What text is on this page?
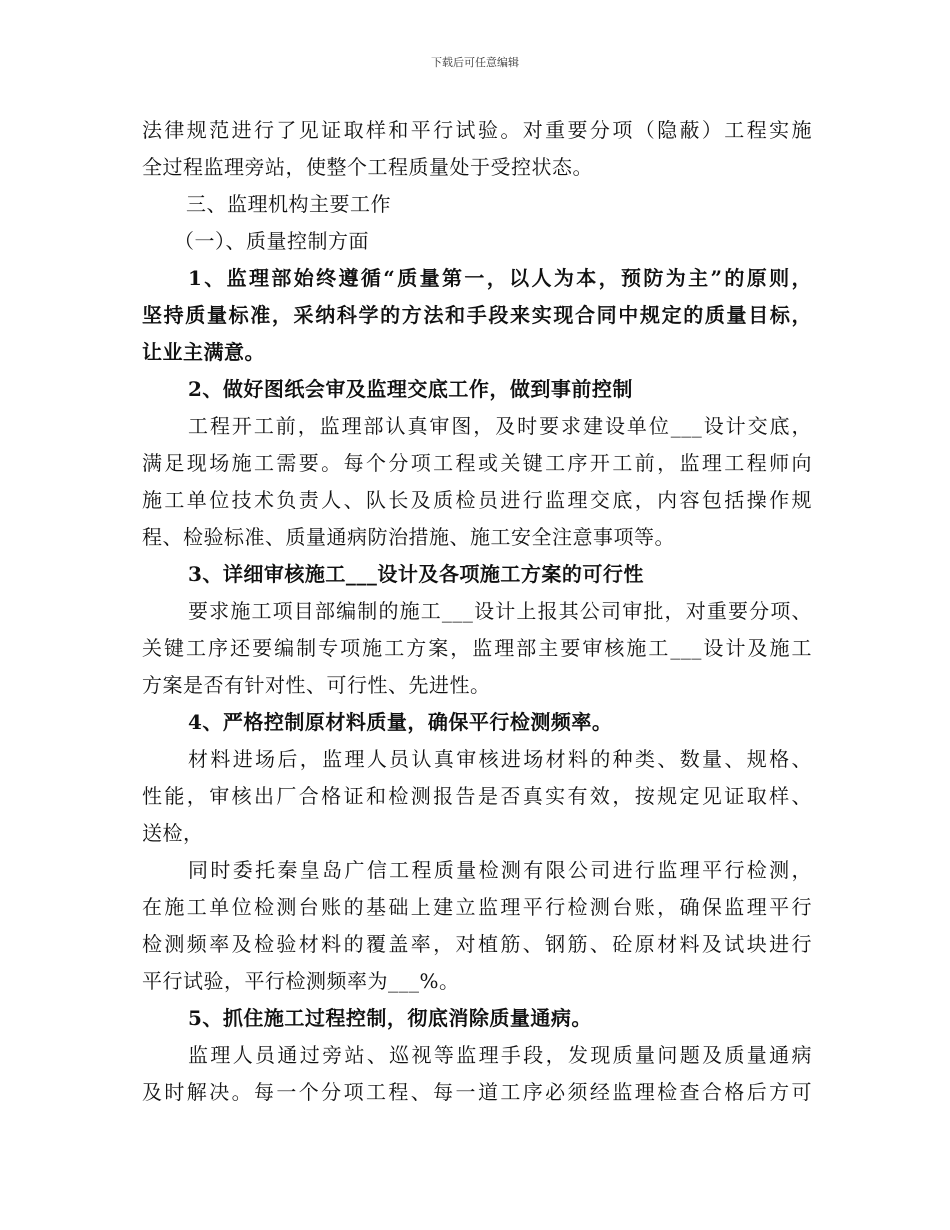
下载后可任意编辑
法律规范进行了见证取样和平行试验。对重要分项（隐蔽）工程实施
全过程监理旁站，使整个工程质量处于受控状态。
三、监理机构主要工作
（一）、质量控制方面
1、监理部始终遵循“质量第一，以人为本，预防为主”的原则，
坚持质量标准，采纳科学的方法和手段来实现合同中规定的质量目标，
让业主满意。
2、做好图纸会审及监理交底工作，做到事前控制
工程开工前，监理部认真审图，及时要求建设单位___设计交底，
满足现场施工需要。每个分项工程或关键工序开工前，监理工程师向
施工单位技术负责人、队长及质检员进行监理交底，内容包括操作规
程、检验标准、质量通病防治措施、施工安全注意事项等。
3、详细审核施工___设计及各项施工方案的可行性
要求施工项目部编制的施工___设计上报其公司审批，对重要分项、
关键工序还要编制专项施工方案，监理部主要审核施工___设计及施工
方案是否有针对性、可行性、先进性。
4、严格控制原材料质量，确保平行检测频率。
材料进场后，监理人员认真审核进场材料的种类、数量、规格、
性能，审核出厂合格证和检测报告是否真实有效，按规定见证取样、
送检，
同时委托秦皇岛广信工程质量检测有限公司进行监理平行检测，
在施工单位检测台账的基础上建立监理平行检测台账，确保监理平行
检测频率及检验材料的覆盖率，对植筋、钢筋、砼原材料及试块进行
平行试验，平行检测频率为___%。
5、抓住施工过程控制，彻底消除质量通病。
监理人员通过旁站、巡视等监理手段，发现质量问题及质量通病
及时解决。每一个分项工程、每一道工序必须经监理检查合格后方可
